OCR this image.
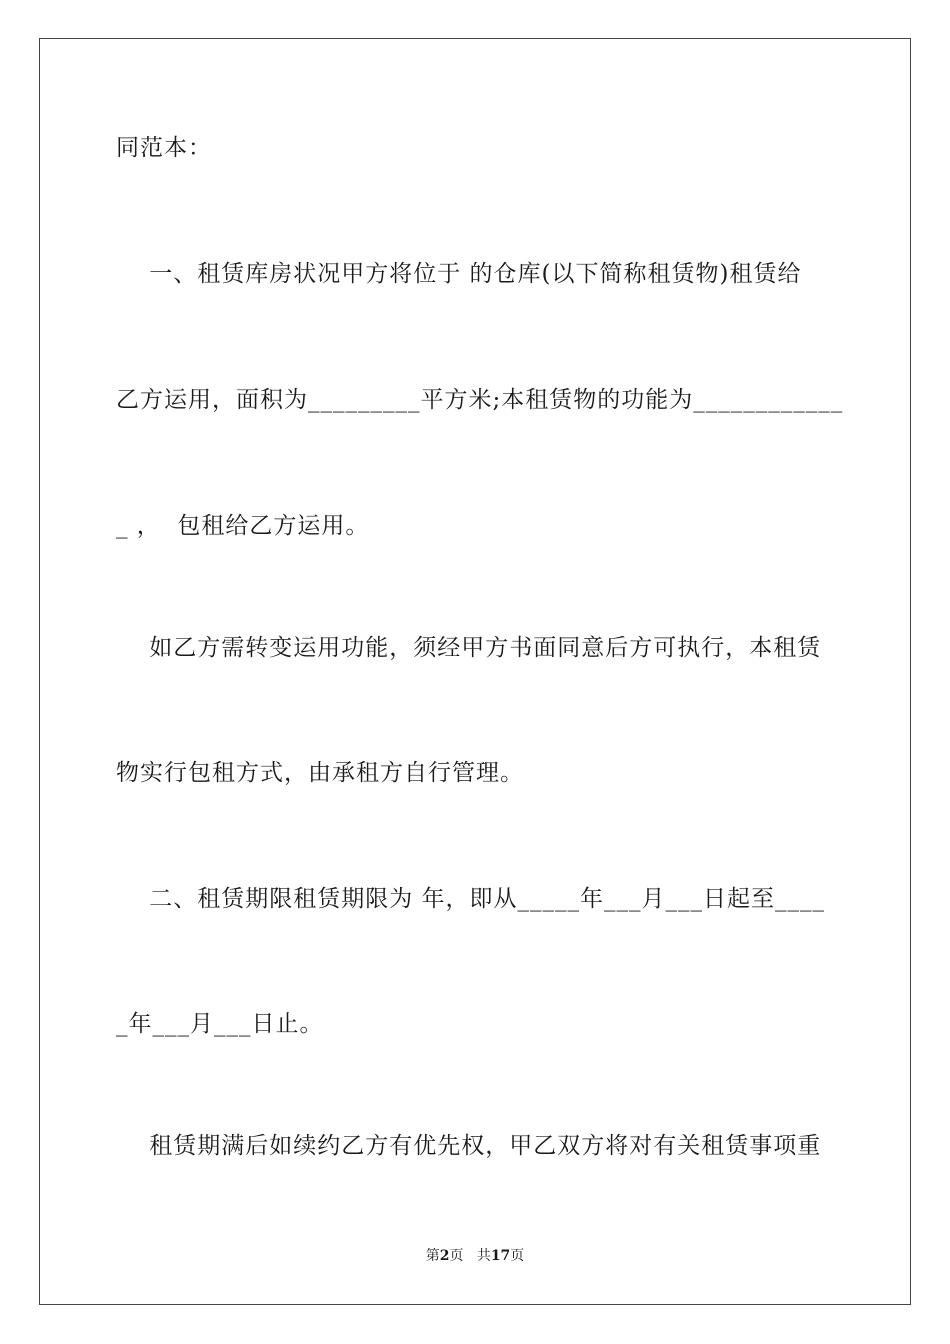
同范本：
一、租赁库房状况甲方将位于 的仓库(以下简称租赁物)租赁给
乙方运用，面积为_________平方米;本租赁物的功能为____________
_ ，  包租给乙方运用。
如乙方需转变运用功能，须经甲方书面同意后方可执行，本租赁
物实行包租方式，由承租方自行管理。
二、租赁期限租赁期限为 年，即从_____年___月___日起至____
_年___月___日止。
租赁期满后如续约乙方有优先权，甲乙双方将对有关租赁事项重
第2页 共17页
